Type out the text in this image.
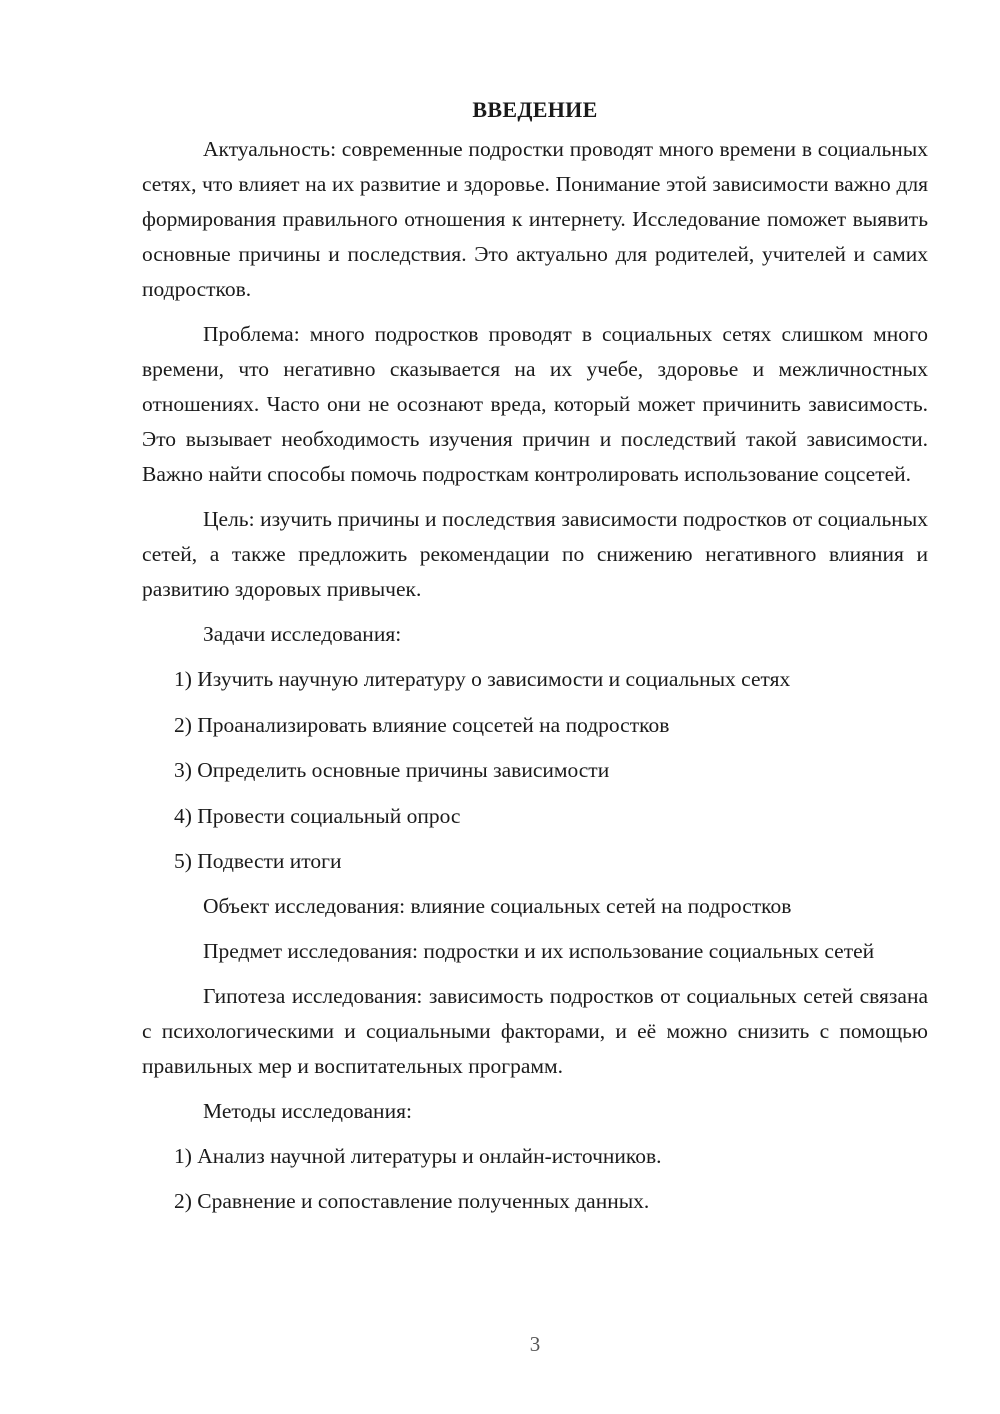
ВВЕДЕНИЕ

Актуальность: современные подростки проводят много времени в социальных сетях, что влияет на их развитие и здоровье. Понимание этой зависимости важно для формирования правильного отношения к интернету. Исследование поможет выявить основные причины и последствия. Это актуально для родителей, учителей и самих подростков.

Проблема: много подростков проводят в социальных сетях слишком много времени, что негативно сказывается на их учебе, здоровье и межличностных отношениях. Часто они не осознают вреда, который может причинить зависимость. Это вызывает необходимость изучения причин и последствий такой зависимости. Важно найти способы помочь подросткам контролировать использование соцсетей.

Цель: изучить причины и последствия зависимости подростков от социальных сетей, а также предложить рекомендации по снижению негативного влияния и развитию здоровых привычек.

Задачи исследования:

1) Изучить научную литературу о зависимости и социальных сетях
2) Проанализировать влияние соцсетей на подростков
3) Определить основные причины зависимости
4) Провести социальный опрос
5) Подвести итоги

Объект исследования: влияние социальных сетей на подростков

Предмет исследования: подростки и их использование социальных сетей

Гипотеза исследования: зависимость подростков от социальных сетей связана с психологическими и социальными факторами, и её можно снизить с помощью правильных мер и воспитательных программ.

Методы исследования:

1) Анализ научной литературы и онлайн-источников.
2) Сравнение и сопоставление полученных данных.
3
